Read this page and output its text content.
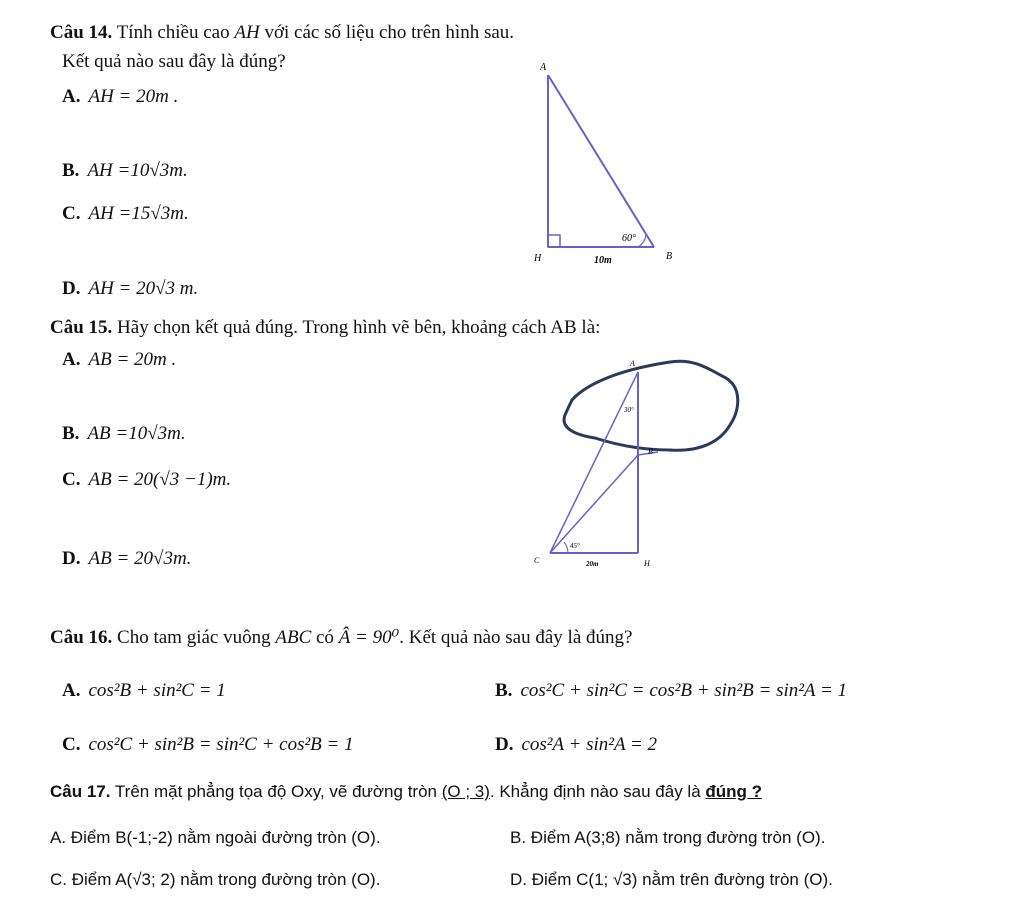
Câu 14. Tính chiều cao AH với các số liệu cho trên hình sau.
Kết quả nào sau đây là đúng?
A. AH = 20m .
B. AH =10√3m.
C. AH =15√3m.
D. AH = 20√3 m.
A
H	B
60°
10m
Câu 15. Hãy chọn kết quả đúng. Trong hình vẽ bên, khoảng cách AB là:
A. AB = 20m .
B. AB =10√3m.
C. AB = 20(√3 −1)m.
D. AB = 20√3m.
A
B
C	H
30°
45°
20m
Câu 16. Cho tam giác vuông ABC có Â = 90⁰. Kết quả nào sau đây là đúng?
A. cos²B + sin²C = 1	B. cos²C + sin²C = cos²B + sin²B = sin²A = 1
C. cos²C + sin²B = sin²C + cos²B = 1	D. cos²A + sin²A = 2
Câu 17. Trên mặt phẳng tọa độ Oxy, vẽ đường tròn (O ; 3). Khẳng định nào sau đây là đúng ?
A. Điểm B(-1;-2) nằm ngoài đường tròn (O).	B. Điểm A(3;8) nằm trong đường tròn (O).
C. Điểm A(√3; 2) nằm trong đường tròn (O).	D. Điểm C(1; √3) nằm trên đường tròn (O).
